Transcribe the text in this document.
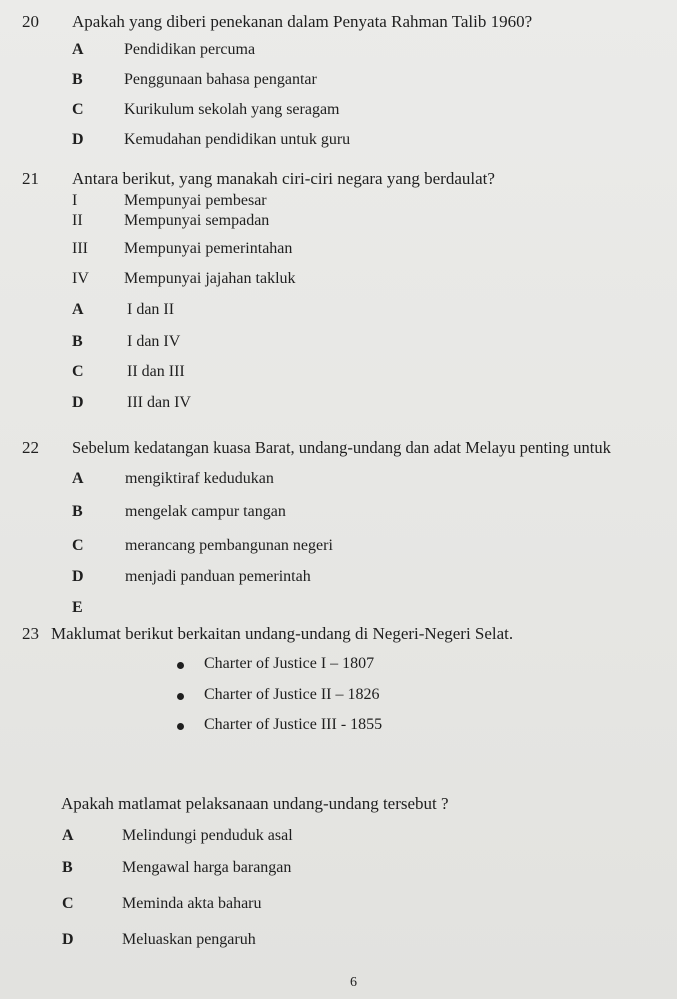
20 Apakah yang diberi penekanan dalam Penyata Rahman Talib 1960?
A	Pendidikan percuma
B	Penggunaan bahasa pengantar
C	Kurikulum sekolah yang seragam
D	Kemudahan pendidikan untuk guru
21 Antara berikut, yang manakah ciri-ciri negara yang berdaulat?
I	Mempunyai pembesar
II	Mempunyai sempadan
III Mempunyai pemerintahan
IV Mempunyai jajahan takluk
A	I dan II
B	I dan IV
C	II dan III
D	III dan IV
22 Sebelum kedatangan kuasa Barat, undang-undang dan adat Melayu penting untuk
A	mengiktiraf kedudukan
B	mengelak campur tangan
C	merancang pembangunan negeri
D	menjadi panduan pemerintah
E
23 Maklumat berikut berkaitan undang-undang di Negeri-Negeri Selat.
Charter of Justice I – 1807
Charter of Justice II – 1826
Charter of Justice III - 1855
Apakah matlamat pelaksanaan undang-undang tersebut ?
A	Melindungi penduduk asal
B	Mengawal harga barangan
C	Meminda akta baharu
D	Meluaskan pengaruh
6
